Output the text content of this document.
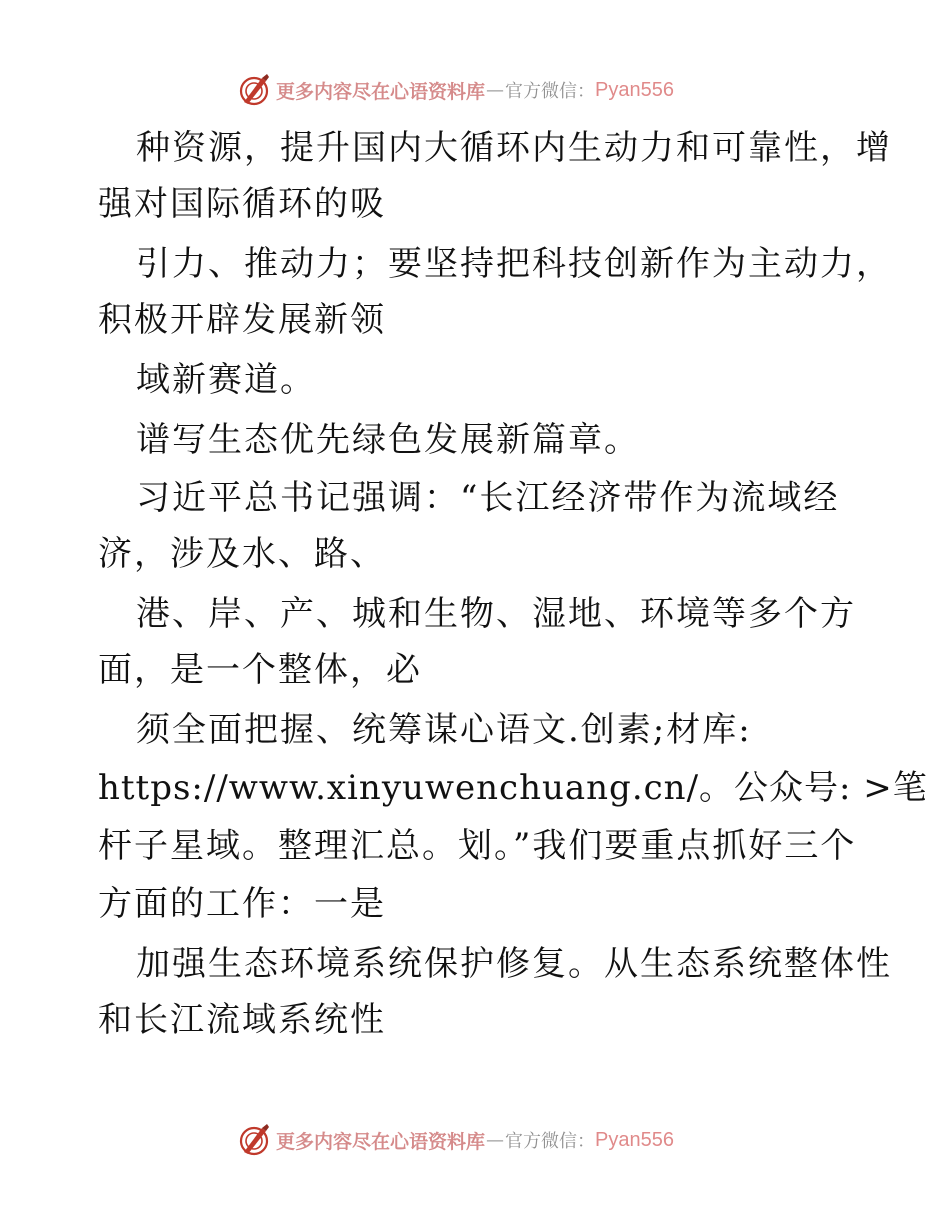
更多内容尽在心语资料库 — 官方微信： Pyan556
种资源，提升国内大循环内生动力和可靠性，增
强对国际循环的吸
引力、推动力；要坚持把科技创新作为主动力，
积极开辟发展新领
域新赛道。
谱写生态优先绿色发展新篇章。
习近平总书记强调：“长江经济带作为流域经
济，涉及水、路、
港、岸、产、城和生物、湿地、环境等多个方
面，是一个整体，必
须全面把握、统筹谋心语文.创素;材库:
https://www.xinyuwenchuang.cn/。公众号: >笔
杆子星域。整理汇总。划。”我们要重点抓好三个
方面的工作：一是
加强生态环境系统保护修复。从生态系统整体性
和长江流域系统性
更多内容尽在心语资料库 — 官方微信： Pyan556
